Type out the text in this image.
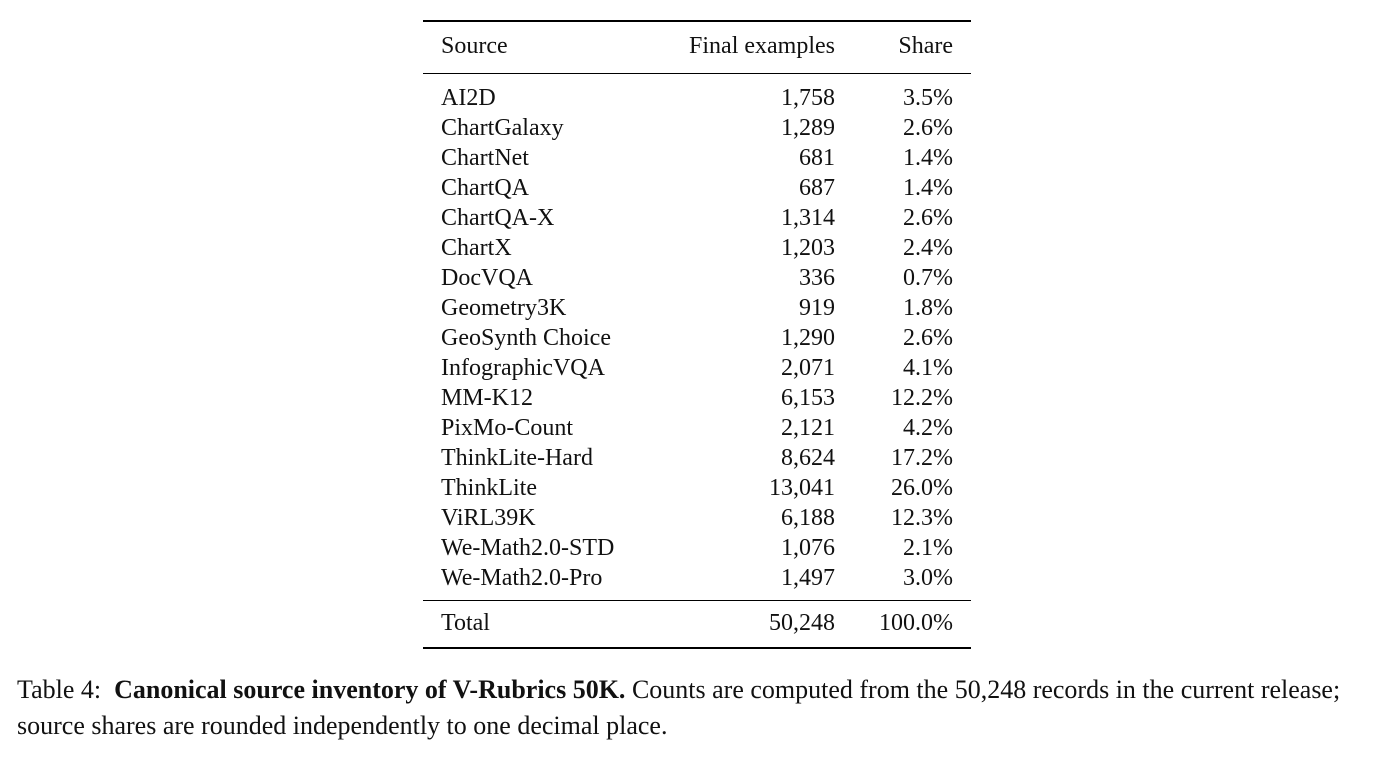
Source	Final examples	Share
AI2D	1,758	3.5%
ChartGalaxy	1,289	2.6%
ChartNet	681	1.4%
ChartQA	687	1.4%
ChartQA-X	1,314	2.6%
ChartX	1,203	2.4%
DocVQA	336	0.7%
Geometry3K	919	1.8%
GeoSynth Choice	1,290	2.6%
InfographicVQA	2,071	4.1%
MM-K12	6,153	12.2%
PixMo-Count	2,121	4.2%
ThinkLite-Hard	8,624	17.2%
ThinkLite	13,041	26.0%
ViRL39K	6,188	12.3%
We-Math2.0-STD	1,076	2.1%
We-Math2.0-Pro	1,497	3.0%
Total	50,248	100.0%

Table 4: Canonical source inventory of V-Rubrics 50K. Counts are computed from the 50,248 records in the current release; source shares are rounded independently to one decimal place.
